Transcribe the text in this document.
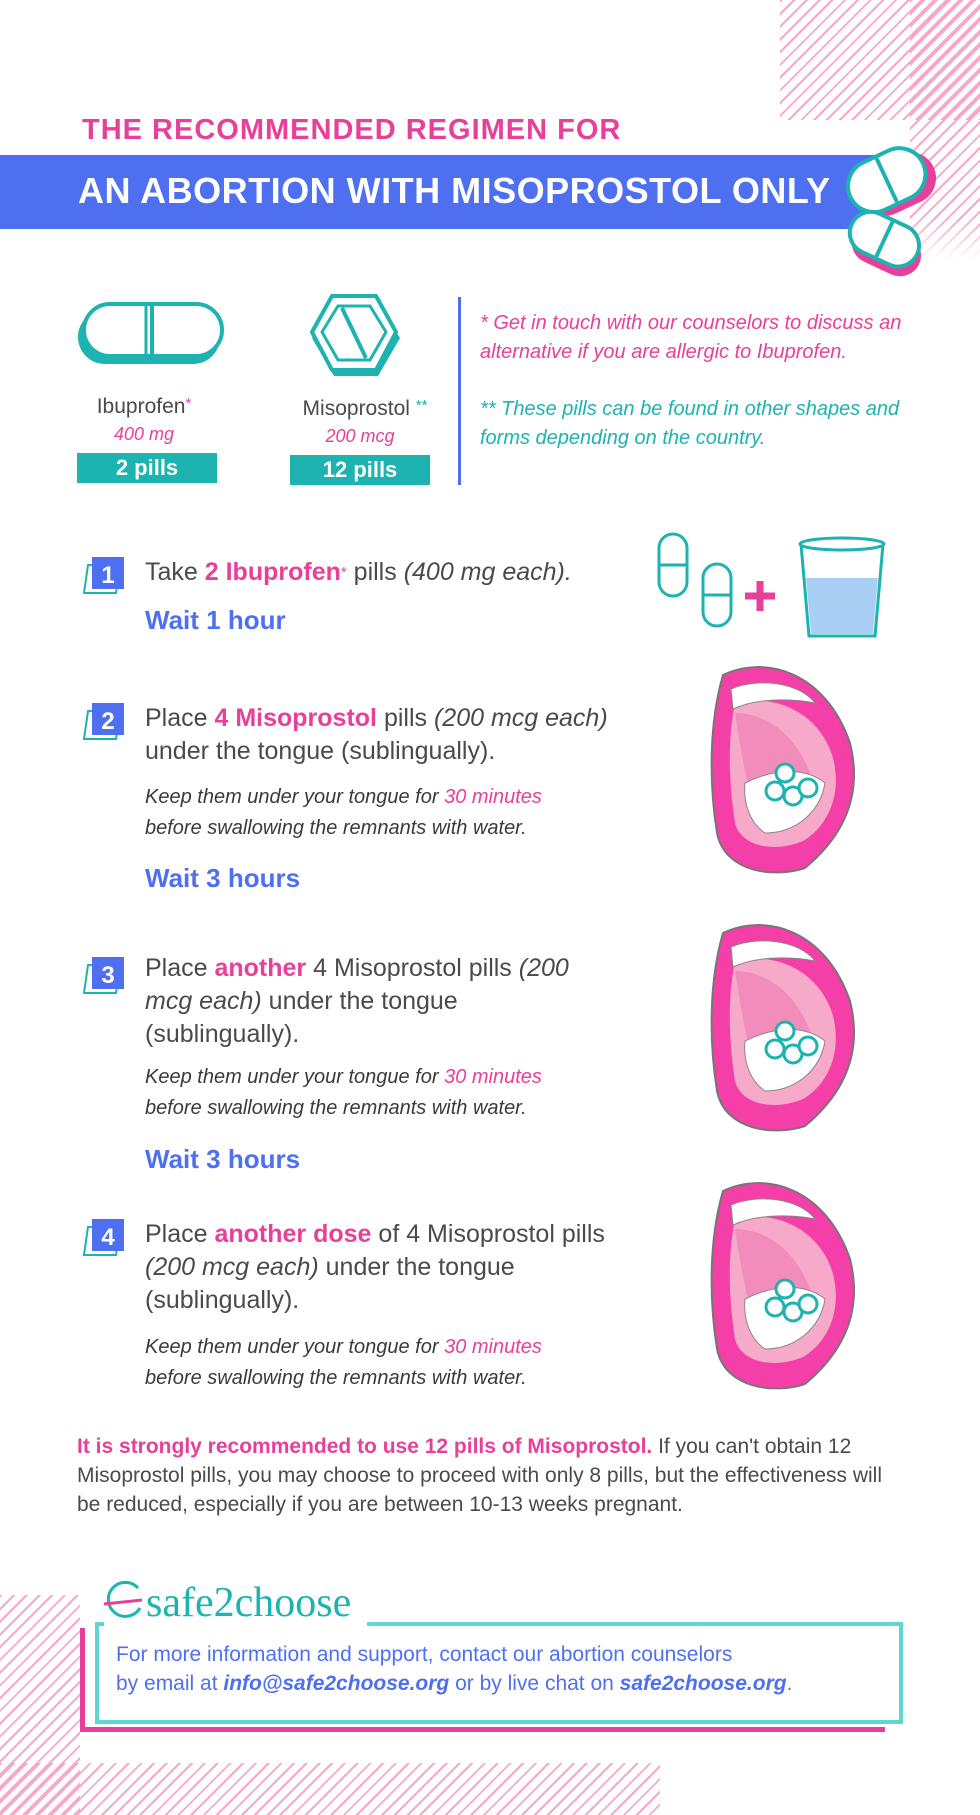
THE RECOMMENDED REGIMEN FOR
AN ABORTION WITH MISOPROSTOL ONLY
Ibuprofen*
400 mg
2 pills
Misoprostol **
200 mcg
12 pills
* Get in touch with our counselors to discuss an alternative if you are allergic to Ibuprofen.
** These pills can be found in other shapes and forms depending on the country.
1 Take 2 Ibuprofen* pills (400 mg each).
Wait 1 hour
2 Place 4 Misoprostol pills (200 mcg each) under the tongue (sublingually).
Keep them under your tongue for 30 minutes
before swallowing the remnants with water.
Wait 3 hours
3 Place another 4 Misoprostol pills (200 mcg each) under the tongue (sublingually).
Keep them under your tongue for 30 minutes
before swallowing the remnants with water.
Wait 3 hours
4 Place another dose of 4 Misoprostol pills (200 mcg each) under the tongue (sublingually).
Keep them under your tongue for 30 minutes
before swallowing the remnants with water.
It is strongly recommended to use 12 pills of Misoprostol. If you can't obtain 12 Misoprostol pills, you may choose to proceed with only 8 pills, but the effectiveness will be reduced, especially if you are between 10-13 weeks pregnant.
safe2choose
For more information and support, contact our abortion counselors
by email at info@safe2choose.org or by live chat on safe2choose.org.
